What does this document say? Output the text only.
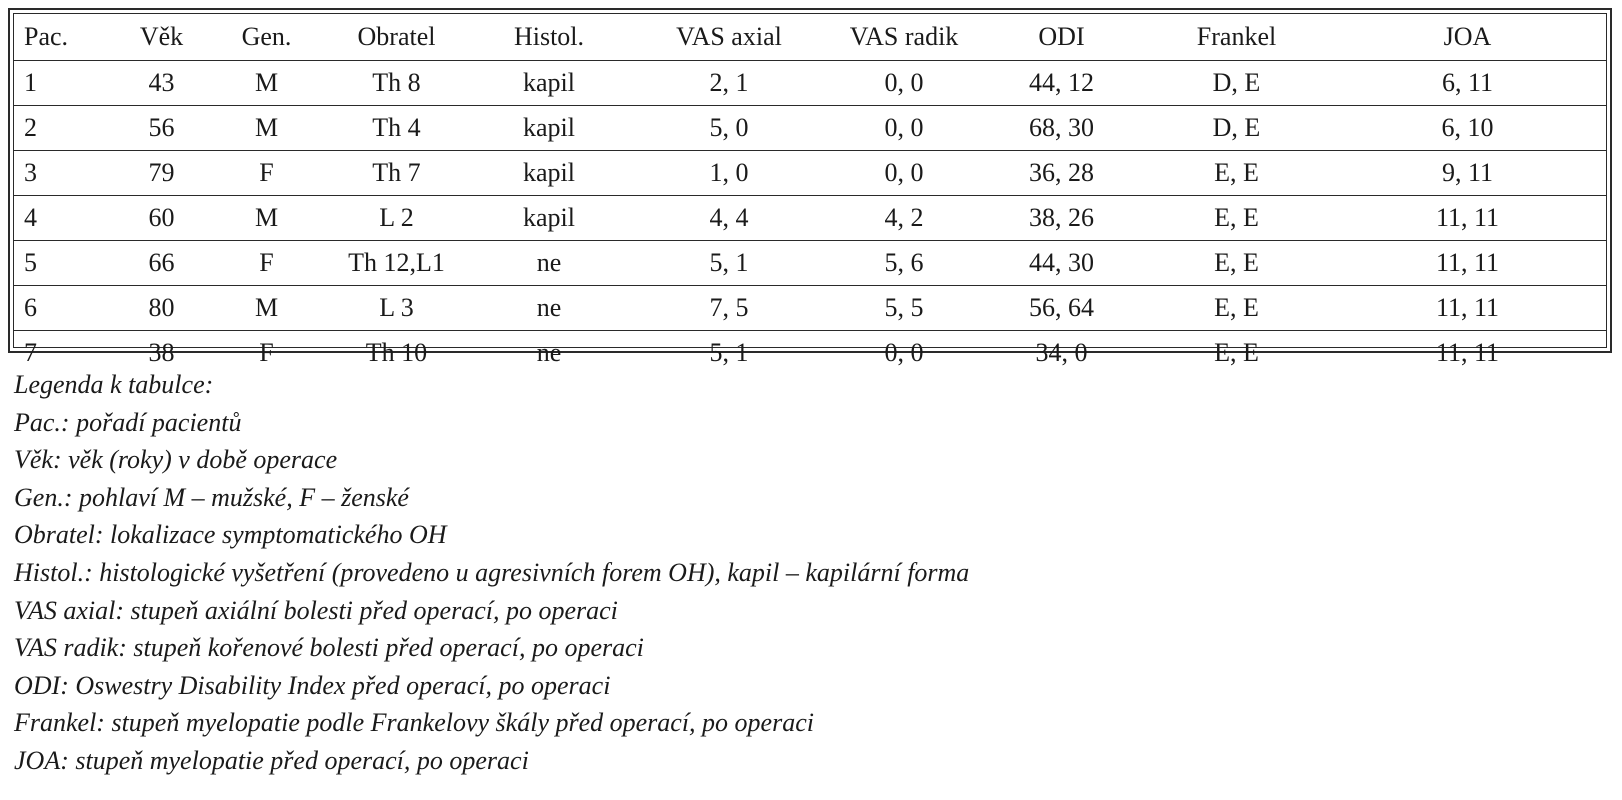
Pac.	Věk	Gen.	Obratel	Histol.	VAS axial	VAS radik	ODI	Frankel	JOA
1	43	M	Th 8	kapil	2, 1	0, 0	44, 12	D, E	6, 11
2	56	M	Th 4	kapil	5, 0	0, 0	68, 30	D, E	6, 10
3	79	F	Th 7	kapil	1, 0	0, 0	36, 28	E, E	9, 11
4	60	M	L 2	kapil	4, 4	4, 2	38, 26	E, E	11, 11
5	66	F	Th 12,L1	ne	5, 1	5, 6	44, 30	E, E	11, 11
6	80	M	L 3	ne	7, 5	5, 5	56, 64	E, E	11, 11
7	38	F	Th 10	ne	5, 1	0, 0	34, 0	E, E	11, 11
Legenda k tabulce:
Pac.: pořadí pacientů
Věk: věk (roky) v době operace
Gen.: pohlaví M – mužské, F – ženské
Obratel: lokalizace symptomatického OH
Histol.: histologické vyšetření (provedeno u agresivních forem OH), kapil – kapilární forma
VAS axial: stupeň axiální bolesti před operací, po operaci
VAS radik: stupeň kořenové bolesti před operací, po operaci
ODI: Oswestry Disability Index před operací, po operaci
Frankel: stupeň myelopatie podle Frankelovy škály před operací, po operaci
JOA: stupeň myelopatie před operací, po operaci
